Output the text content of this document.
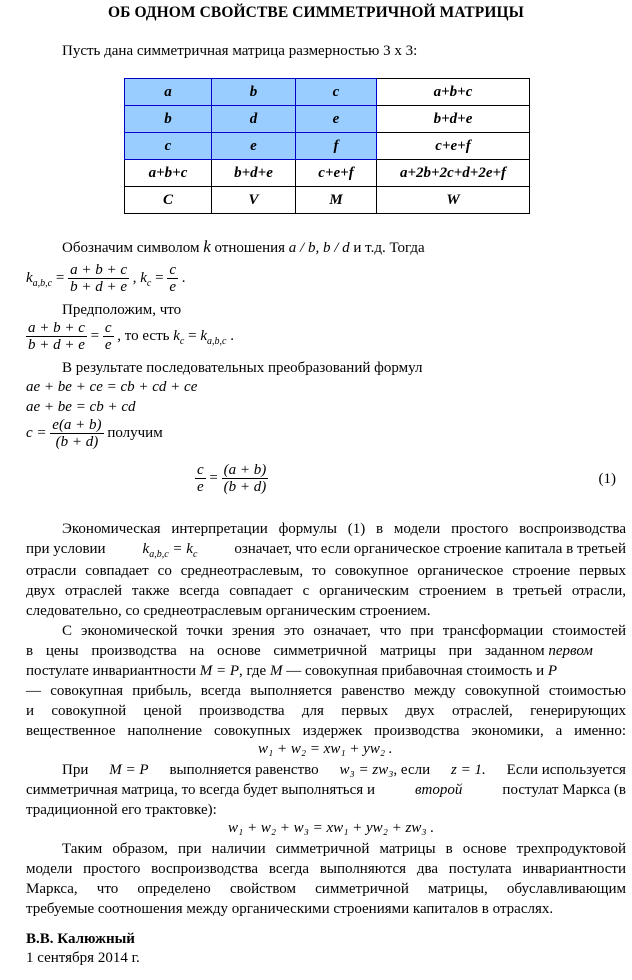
ОБ ОДНОМ СВОЙСТВЕ СИММЕТРИЧНОЙ МАТРИЦЫ
Пусть дана симметричная матрица размерностью 3 х 3:
a	b	c	a+b+c
b	d	e	b+d+e
c	e	f	c+e+f
a+b+c	b+d+e	c+e+f	a+2b+2c+d+2e+f
C	V	M	W
Обозначим символом k отношения a / b, b / d и т.д. Тогда
$k_{a,b,c} = \frac{a + b + c}{b + d + e}$ , $k_c = \frac{c}{e}$ .
Предположим, что
$\frac{a + b + c}{b + d + e} = \frac{c}{e}$ , то есть $k_c = k_{a,b,c}$ .
В результате последовательных преобразований формул
ae + be + ce = cb + cd + ce
ae + be = cb + cd
$c = \frac{e(a + b)}{(b + d)}$ получим
$\frac{c}{e} = \frac{(a + b)}{(b + d)}$	(1)
Экономическая интерпретации формулы (1) в модели простого воспроизводства
при условии $k_{a,b,c} = k_c$ означает, что если органическое строение капитала в третьей
отрасли совпадает со среднеотраслевым, то совокупное органическое строение первых
двух отраслей также всегда совпадает с органическим строением в третьей отрасли,
следовательно, со среднеотраслевым органическим строением.
С экономической точки зрения это означает, что при трансформации стоимостей
в цены производства на основе симметричной матрицы при заданном первом
постулате инвариантности M = P, где M — совокупная прибавочная стоимость и P
— совокупная прибыль, всегда выполняется равенство между совокупной стоимостью
и совокупной ценой производства для первых двух отраслей, генерирующих
вещественное наполнение совокупных издержек производства экономики, а именно:
w₁ + w₂ = xw₁ + yw₂ .
При M = P выполняется равенство w₃ = zw₃, если z = 1. Если используется
симметричная матрица, то всегда будет выполняться и	второй	постулат Маркса (в
традиционной его трактовке):
w₁ + w₂ + w₃ = xw₁ + yw₂ + zw₃ .
Таким образом, при наличии симметричной матрицы в основе трехпродуктовой
модели простого воспроизводства всегда выполняются два постулата инвариантности
Маркса, что определено свойством симметричной матрицы, обуславливающим
требуемые соотношения между органическими строениями капиталов в отраслях.
В.В. Калюжный
1 сентября 2014 г.
